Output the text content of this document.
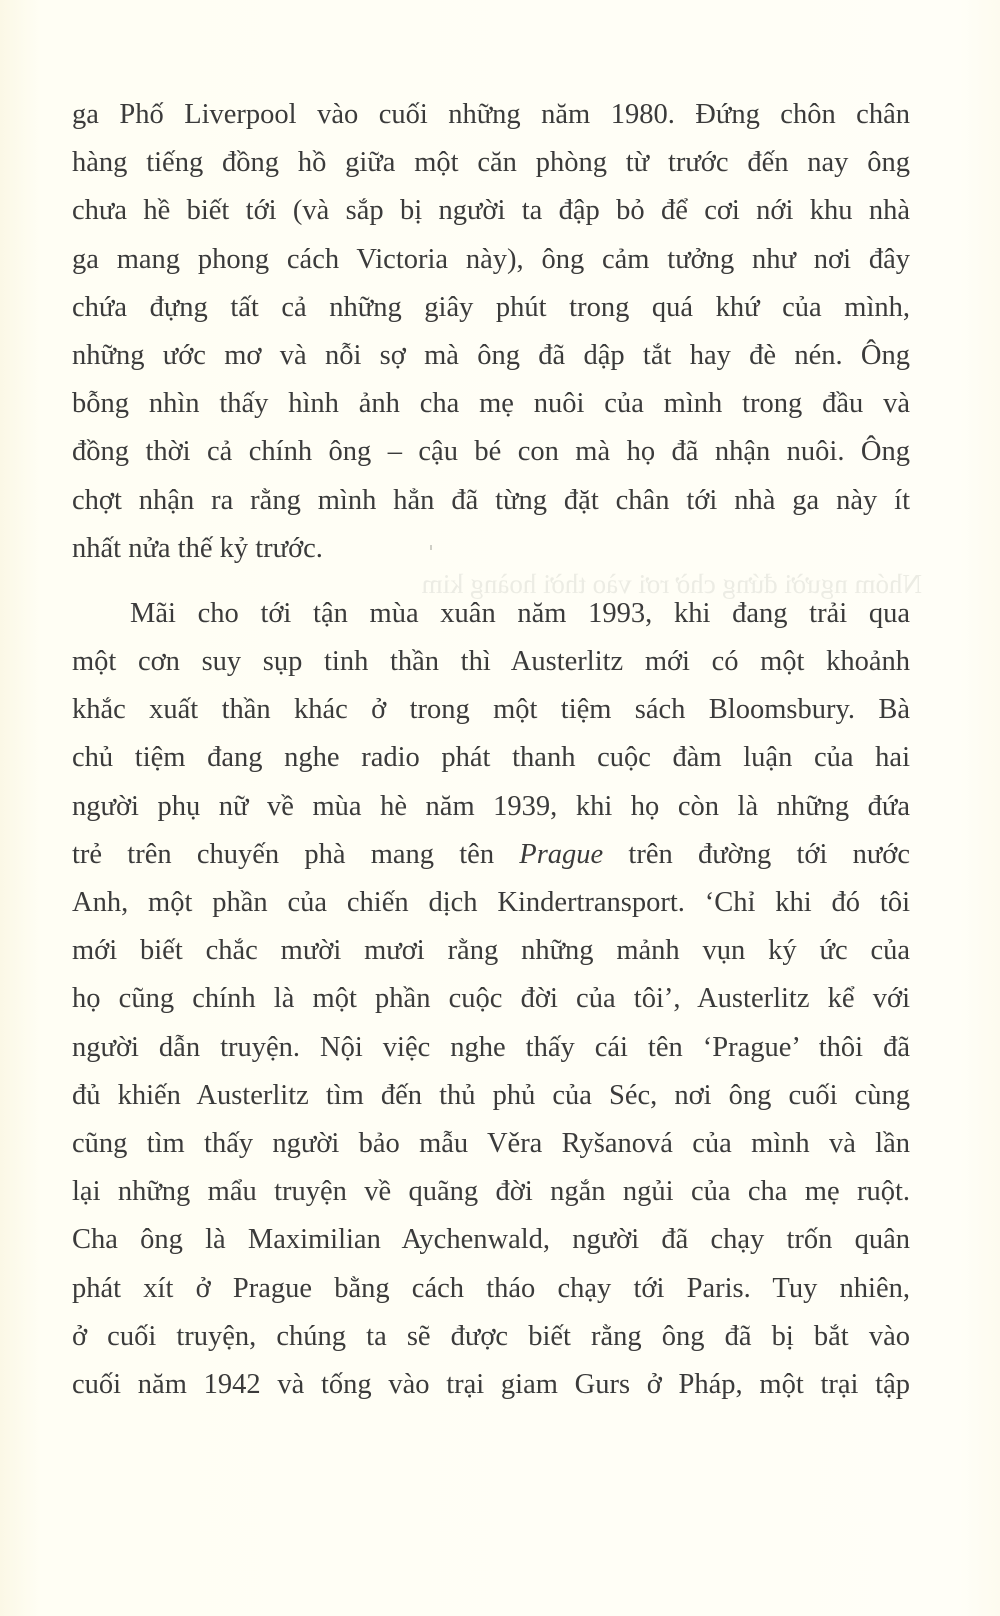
Nhóm người đứng chờ rơi vào thời hoàng kim
ga Phố Liverpool vào cuối những năm 1980. Đứng chôn chân
hàng tiếng đồng hồ giữa một căn phòng từ trước đến nay ông
chưa hề biết tới (và sắp bị người ta đập bỏ để cơi nới khu nhà
ga mang phong cách Victoria này), ông cảm tưởng như nơi đây
chứa đựng tất cả những giây phút trong quá khứ của mình,
những ước mơ và nỗi sợ mà ông đã dập tắt hay đè nén. Ông
bỗng nhìn thấy hình ảnh cha mẹ nuôi của mình trong đầu và
đồng thời cả chính ông – cậu bé con mà họ đã nhận nuôi. Ông
chợt nhận ra rằng mình hẳn đã từng đặt chân tới nhà ga này ít
nhất nửa thế kỷ trước.
Mãi cho tới tận mùa xuân năm 1993, khi đang trải qua
một cơn suy sụp tinh thần thì Austerlitz mới có một khoảnh
khắc xuất thần khác ở trong một tiệm sách Bloomsbury. Bà
chủ tiệm đang nghe radio phát thanh cuộc đàm luận của hai
người phụ nữ về mùa hè năm 1939, khi họ còn là những đứa
trẻ trên chuyến phà mang tên Prague trên đường tới nước
Anh, một phần của chiến dịch Kindertransport. ‘Chỉ khi đó tôi
mới biết chắc mười mươi rằng những mảnh vụn ký ức của
họ cũng chính là một phần cuộc đời của tôi’, Austerlitz kể với
người dẫn truyện. Nội việc nghe thấy cái tên ‘Prague’ thôi đã
đủ khiến Austerlitz tìm đến thủ phủ của Séc, nơi ông cuối cùng
cũng tìm thấy người bảo mẫu Věra Ryšanová của mình và lần
lại những mẩu truyện về quãng đời ngắn ngủi của cha mẹ ruột.
Cha ông là Maximilian Aychenwald, người đã chạy trốn quân
phát xít ở Prague bằng cách tháo chạy tới Paris. Tuy nhiên,
ở cuối truyện, chúng ta sẽ được biết rằng ông đã bị bắt vào
cuối năm 1942 và tống vào trại giam Gurs ở Pháp, một trại tập
